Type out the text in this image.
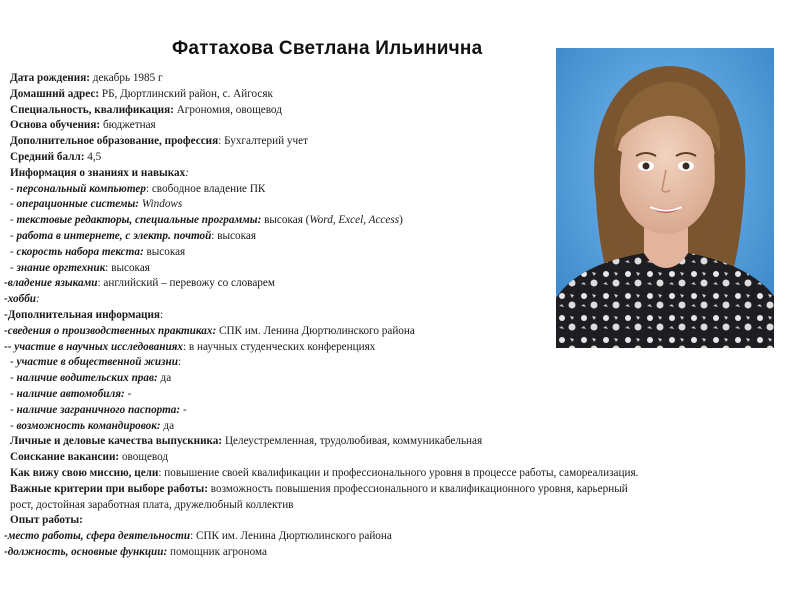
Фаттахова Светлана Ильинична
Дата рождения: декабрь 1985 г
Домашний адрес: РБ, Дюртлинский район, с. Айгосяк
Специальность, квалификация: Агрономия, овощевод
Основа обучения: бюджетная
Дополнительное образование, профессия: Бухгалтерий учет
Средний балл: 4,5
Информация о знаниях и навыках:
- персональный компьютер: свободное владение ПК
- операционные системы: Windows
- текстовые редакторы, специальные программы: высокая (Word, Excel, Access)
- работа в интернете, с электр. почтой: высокая
- скорость набора текста: высокая
- знание оргтехник: высокая
-владение языками: английский – перевожу со словарем
-хобби:
-Дополнительная информация:
-сведения о производственных практиках: СПК им. Ленина Дюртюлинского района
-- участие в научных исследованиях: в научных студенческих конференциях
- участие в общественной жизни:
- наличие водительских прав: да
- наличие автомобиля: -
- наличие заграничного паспорта: -
- возможность командировок: да
Личные и деловые качества выпускника: Целеустремленная, трудолюбивая, коммуникабельная
Соискание вакансии: овощевод
Как вижу свою миссию, цели: повышение своей квалификации и профессионального уровня в процессе работы, самореализация.
Важные критерии при выборе работы: возможность повышения профессионального и квалификационного уровня, карьерный
рост, достойная заработная плата, дружелюбный коллектив
Опыт работы:
-место работы, сфера деятельности: СПК им. Ленина Дюртюлинского района
-должность, основные функции: помощник агронома
